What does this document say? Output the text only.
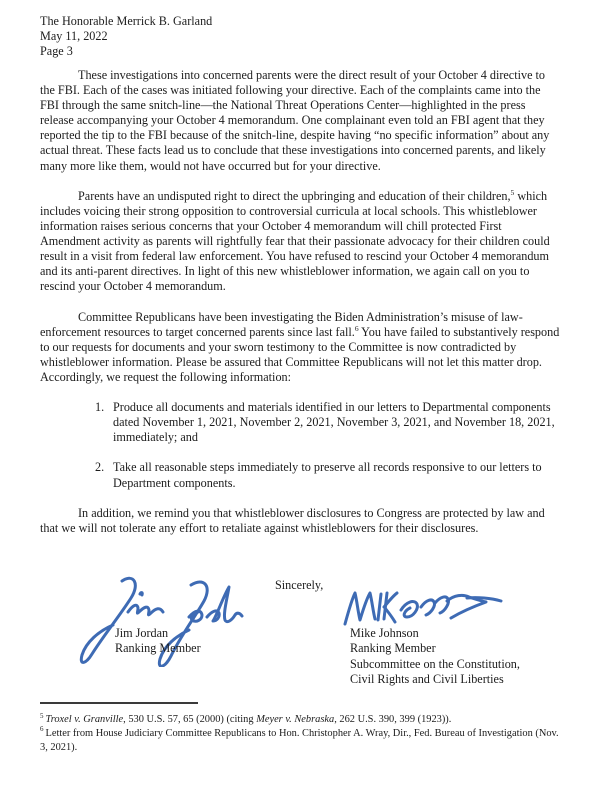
The Honorable Merrick B. Garland
May 11, 2022
Page 3

These investigations into concerned parents were the direct result of your October 4 directive to the FBI. Each of the cases was initiated following your directive. Each of the complaints came into the FBI through the same snitch-line—the National Threat Operations Center—highlighted in the press release accompanying your October 4 memorandum. One complainant even told an FBI agent that they reported the tip to the FBI because of the snitch-line, despite having “no specific information” about any actual threat. These facts lead us to conclude that these investigations into concerned parents, and likely many more like them, would not have occurred but for your directive.

Parents have an undisputed right to direct the upbringing and education of their children,$^5$ which includes voicing their strong opposition to controversial curricula at local schools. This whistleblower information raises serious concerns that your October 4 memorandum will chill protected First Amendment activity as parents will rightfully fear that their passionate advocacy for their children could result in a visit from federal law enforcement. You have refused to rescind your October 4 memorandum and its anti-parent directives. In light of this new whistleblower information, we again call on you to rescind your October 4 memorandum.

Committee Republicans have been investigating the Biden Administration’s misuse of law-enforcement resources to target concerned parents since last fall.$^6$ You have failed to substantively respond to our requests for documents and your sworn testimony to the Committee is now contradicted by whistleblower information. Please be assured that Committee Republicans will not let this matter drop. Accordingly, we request the following information:

1. Produce all documents and materials identified in our letters to Departmental components dated November 1, 2021, November 2, 2021, November 3, 2021, and November 18, 2021, immediately; and
2. Take all reasonable steps immediately to preserve all records responsive to our letters to Department components.

In addition, we remind you that whistleblower disclosures to Congress are protected by law and that we will not tolerate any effort to retaliate against whistleblowers for their disclosures.

Sincerely,
Jim Jordan
Ranking Member
Mike Johnson
Ranking Member
Subcommittee on the Constitution,
Civil Rights and Civil Liberties
$^5$ Troxel v. Granville, 530 U.S. 57, 65 (2000) (citing Meyer v. Nebraska, 262 U.S. 390, 399 (1923)).
$^6$ Letter from House Judiciary Committee Republicans to Hon. Christopher A. Wray, Dir., Fed. Bureau of Investigation (Nov. 3, 2021).
